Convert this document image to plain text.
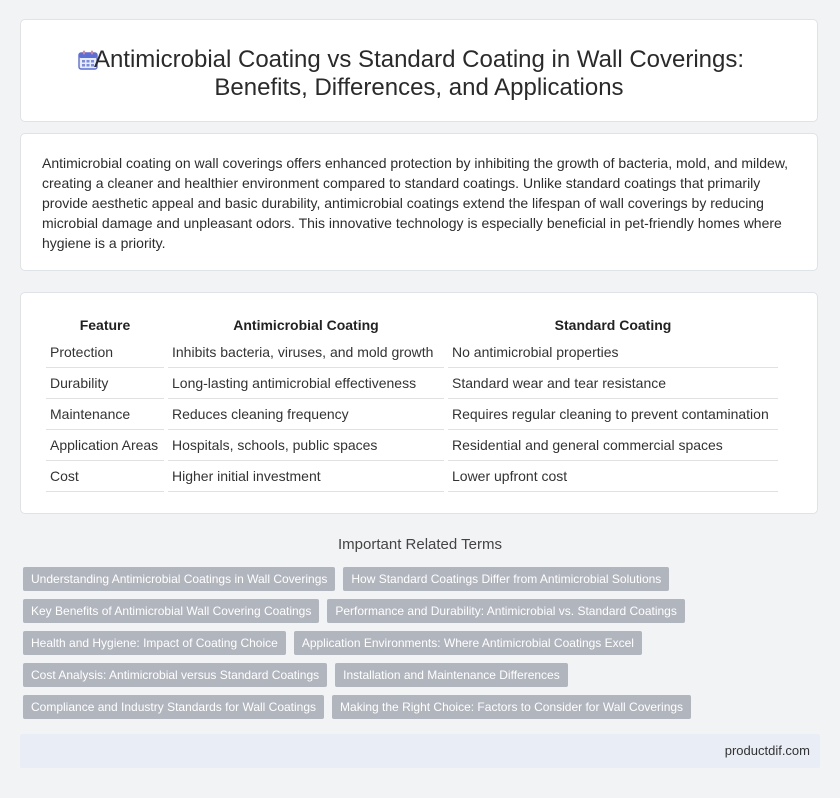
Antimicrobial Coating vs Standard Coating in Wall Coverings:
Benefits, Differences, and Applications
Antimicrobial coating on wall coverings offers enhanced protection by inhibiting the growth of bacteria, mold, and mildew, creating a cleaner and healthier environment compared to standard coatings. Unlike standard coatings that primarily provide aesthetic appeal and basic durability, antimicrobial coatings extend the lifespan of wall coverings by reducing microbial damage and unpleasant odors. This innovative technology is especially beneficial in pet-friendly homes where hygiene is a priority.
Feature	Antimicrobial Coating	Standard Coating
Protection	Inhibits bacteria, viruses, and mold growth	No antimicrobial properties
Durability	Long-lasting antimicrobial effectiveness	Standard wear and tear resistance
Maintenance	Reduces cleaning frequency	Requires regular cleaning to prevent contamination
Application Areas	Hospitals, schools, public spaces	Residential and general commercial spaces
Cost	Higher initial investment	Lower upfront cost
Important Related Terms
Understanding Antimicrobial Coatings in Wall Coverings	How Standard Coatings Differ from Antimicrobial Solutions
Key Benefits of Antimicrobial Wall Covering Coatings	Performance and Durability: Antimicrobial vs. Standard Coatings
Health and Hygiene: Impact of Coating Choice	Application Environments: Where Antimicrobial Coatings Excel
Cost Analysis: Antimicrobial versus Standard Coatings	Installation and Maintenance Differences
Compliance and Industry Standards for Wall Coatings	Making the Right Choice: Factors to Consider for Wall Coverings
productdif.com
